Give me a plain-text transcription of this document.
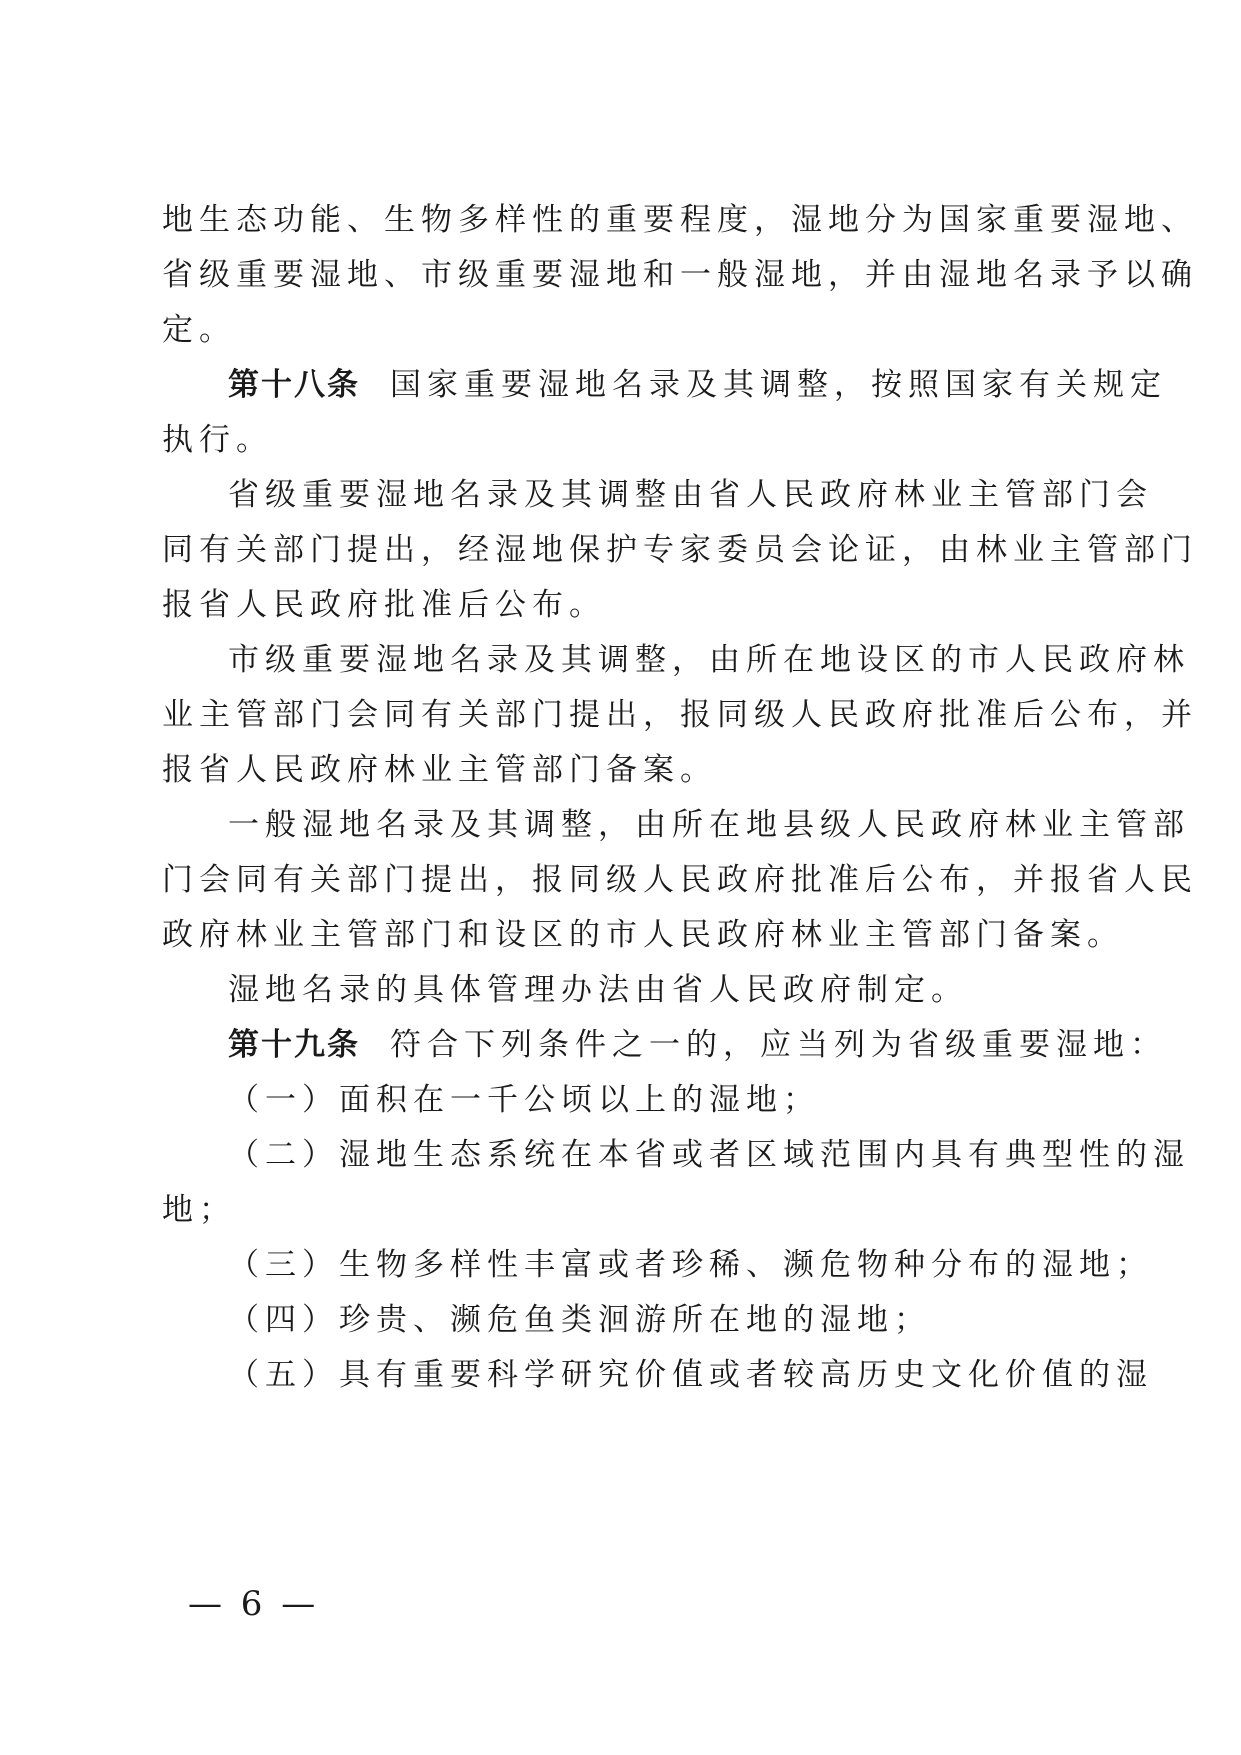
地生态功能、生物多样性的重要程度，湿地分为国家重要湿地、
省级重要湿地、市级重要湿地和一般湿地，并由湿地名录予以确
定。
第十八条 国家重要湿地名录及其调整，按照国家有关规定
执行。
省级重要湿地名录及其调整由省人民政府林业主管部门会
同有关部门提出，经湿地保护专家委员会论证，由林业主管部门
报省人民政府批准后公布。
市级重要湿地名录及其调整，由所在地设区的市人民政府林
业主管部门会同有关部门提出，报同级人民政府批准后公布，并
报省人民政府林业主管部门备案。
一般湿地名录及其调整，由所在地县级人民政府林业主管部
门会同有关部门提出，报同级人民政府批准后公布，并报省人民
政府林业主管部门和设区的市人民政府林业主管部门备案。
湿地名录的具体管理办法由省人民政府制定。
第十九条 符合下列条件之一的，应当列为省级重要湿地：
（一）面积在一千公顷以上的湿地；
（二）湿地生态系统在本省或者区域范围内具有典型性的湿
地；
（三）生物多样性丰富或者珍稀、濒危物种分布的湿地；
（四）珍贵、濒危鱼类洄游所在地的湿地；
（五）具有重要科学研究价值或者较高历史文化价值的湿
— 6 —
